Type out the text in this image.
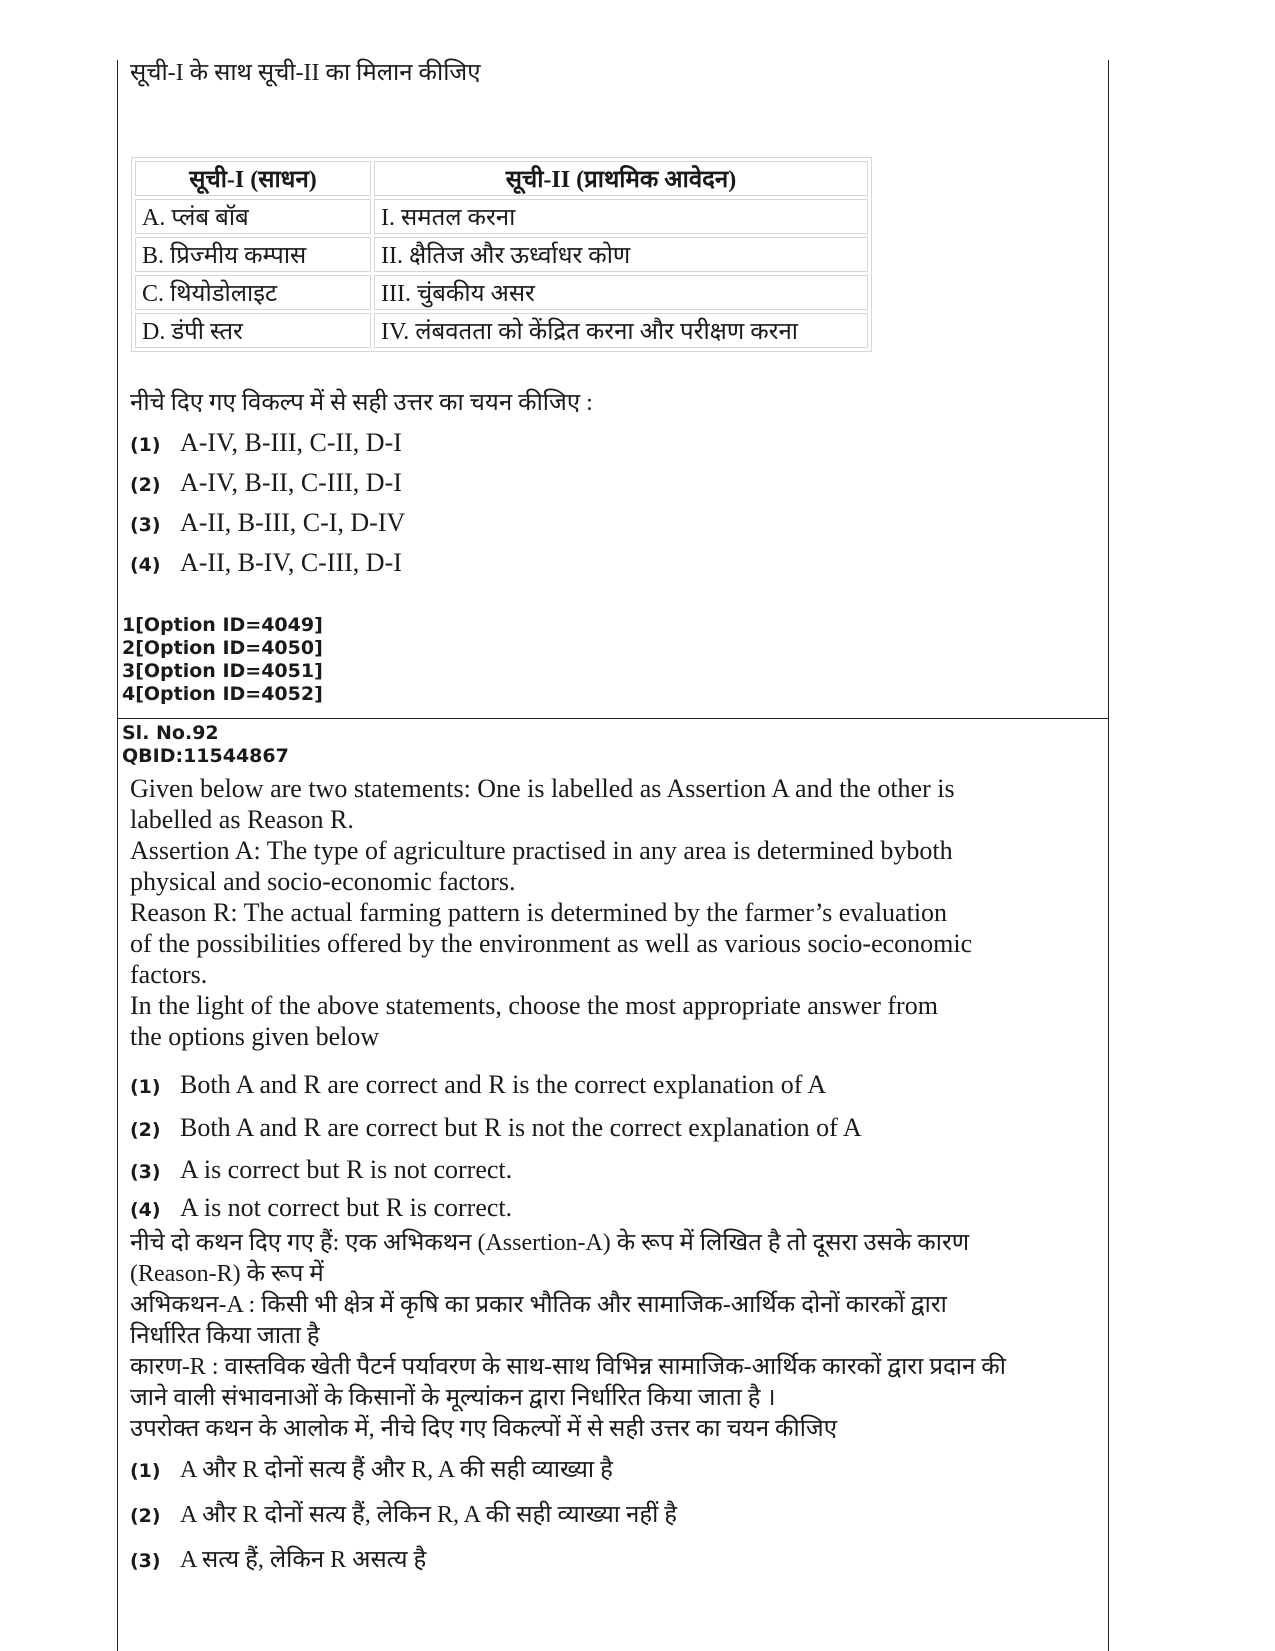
सूची-I के साथ सूची-II का मिलान कीजिए
सूची-I (साधन)	सूची-II (प्राथमिक आवेदन)
A. प्लंब बॉब	I. समतल करना
B. प्रिज्मीय कम्पास	II. क्षैतिज और ऊर्ध्वाधर कोण
C. थियोडोलाइट	III. चुंबकीय असर
D. डंपी स्तर	IV. लंबवतता को केंद्रित करना और परीक्षण करना
नीचे दिए गए विकल्प में से सही उत्तर का चयन कीजिए :
(1) A-IV, B-III, C-II, D-I
(2) A-IV, B-II, C-III, D-I
(3) A-II, B-III, C-I, D-IV
(4) A-II, B-IV, C-III, D-I
1[Option ID=4049]
2[Option ID=4050]
3[Option ID=4051]
4[Option ID=4052]
Sl. No.92
QBID:11544867
Given below are two statements: One is labelled as Assertion A and the other is
labelled as Reason R.
Assertion A: The type of agriculture practised in any area is determined byboth
physical and socio-economic factors.
Reason R: The actual farming pattern is determined by the farmer’s evaluation
of the possibilities offered by the environment as well as various socio-economic
factors.
In the light of the above statements, choose the most appropriate answer from
the options given below
(1) Both A and R are correct and R is the correct explanation of A
(2) Both A and R are correct but R is not the correct explanation of A
(3) A is correct but R is not correct.
(4) A is not correct but R is correct.
नीचे दो कथन दिए गए हैं: एक अभिकथन (Assertion-A) के रूप में लिखित है तो दूसरा उसके कारण
(Reason-R) के रूप में
अभिकथन-A : किसी भी क्षेत्र में कृषि का प्रकार भौतिक और सामाजिक-आर्थिक दोनों कारकों द्वारा
निर्धारित किया जाता है
कारण-R : वास्तविक खेती पैटर्न पर्यावरण के साथ-साथ विभिन्न सामाजिक-आर्थिक कारकों द्वारा प्रदान की
जाने वाली संभावनाओं के किसानों के मूल्यांकन द्वारा निर्धारित किया जाता है ।
उपरोक्त कथन के आलोक में, नीचे दिए गए विकल्पों में से सही उत्तर का चयन कीजिए
(1) A और R दोनों सत्य हैं और R, A की सही व्याख्या है
(2) A और R दोनों सत्य हैं, लेकिन R, A की सही व्याख्या नहीं है
(3) A सत्य हैं, लेकिन R असत्य है
